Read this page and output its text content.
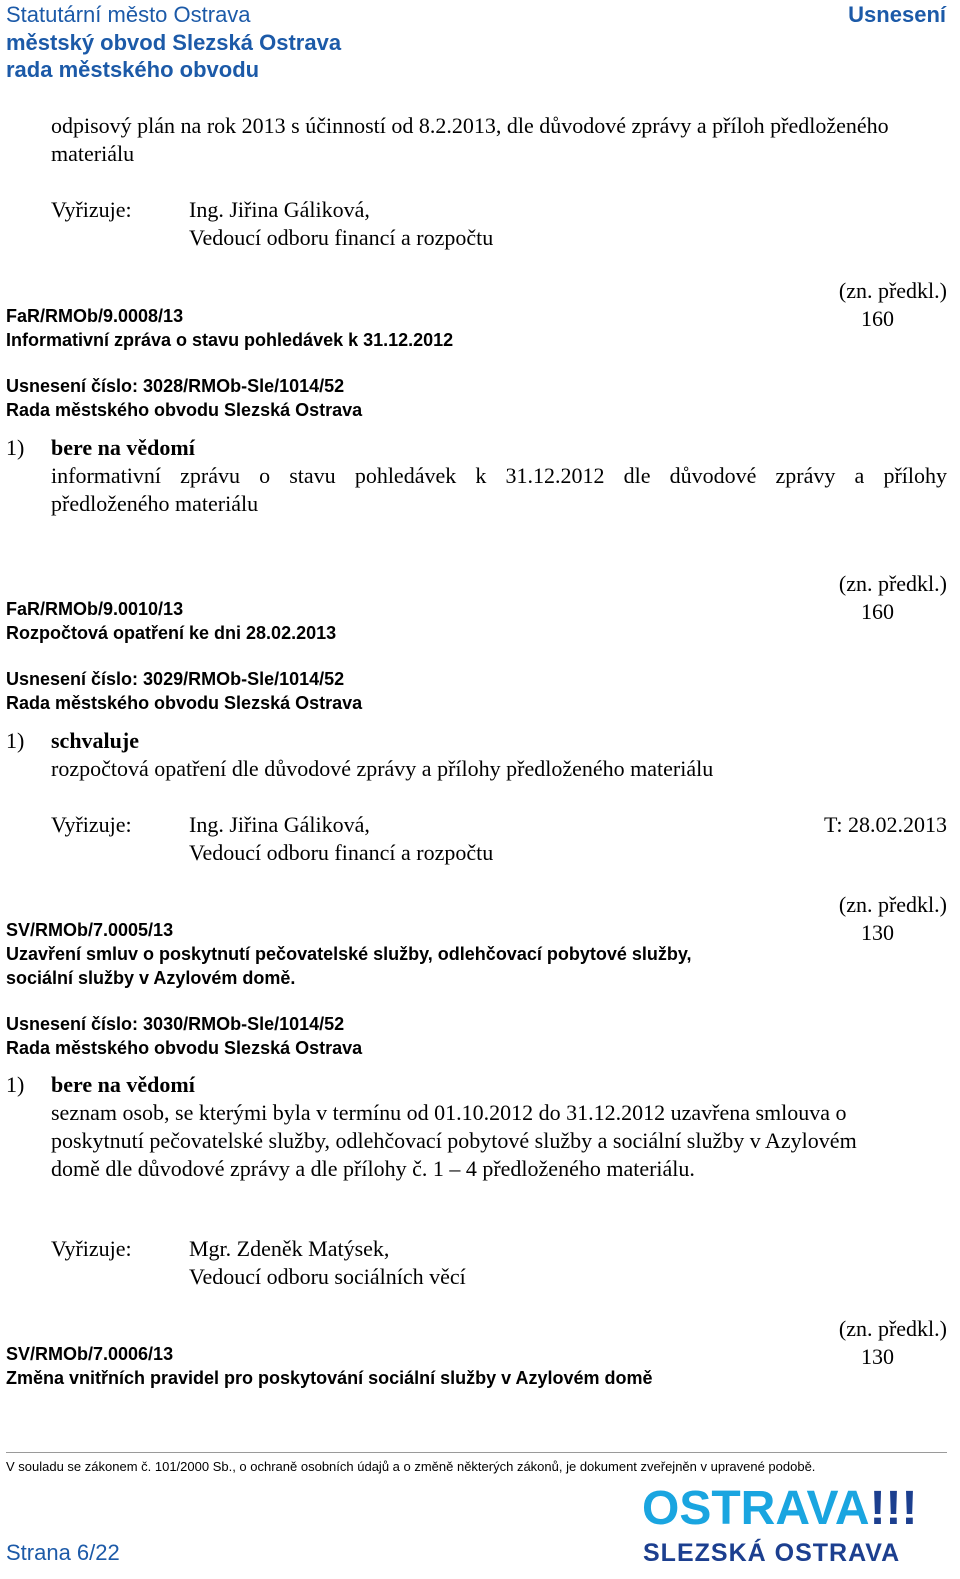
Statutární město Ostrava
městský obvod Slezská Ostrava
rada městského obvodu
Usnesení
odpisový plán na rok 2013 s účinností od 8.2.2013, dle důvodové zprávy a příloh předloženého
materiálu
Vyřizuje:	Ing. Jiřina Gáliková,
Vedoucí odboru financí a rozpočtu
(zn. předkl.)
160
FaR/RMOb/9.0008/13
Informativní zpráva o stavu pohledávek k 31.12.2012
Usnesení číslo: 3028/RMOb-Sle/1014/52
Rada městského obvodu Slezská Ostrava
1) bere na vědomí
informativní zprávu o stavu pohledávek k 31.12.2012 dle důvodové zprávy a přílohy
předloženého materiálu
(zn. předkl.)
160
FaR/RMOb/9.0010/13
Rozpočtová opatření ke dni 28.02.2013
Usnesení číslo: 3029/RMOb-Sle/1014/52
Rada městského obvodu Slezská Ostrava
1) schvaluje
rozpočtová opatření dle důvodové zprávy a přílohy předloženého materiálu
Vyřizuje:	Ing. Jiřina Gáliková,
Vedoucí odboru financí a rozpočtu
T: 28.02.2013
(zn. předkl.)
130
SV/RMOb/7.0005/13
Uzavření smluv o poskytnutí pečovatelské služby, odlehčovací pobytové služby,
sociální služby v Azylovém domě.
Usnesení číslo: 3030/RMOb-Sle/1014/52
Rada městského obvodu Slezská Ostrava
1) bere na vědomí
seznam osob, se kterými byla v termínu od 01.10.2012 do 31.12.2012 uzavřena smlouva o
poskytnutí pečovatelské služby, odlehčovací pobytové služby a sociální služby v Azylovém
domě dle důvodové zprávy a dle přílohy č. 1 – 4 předloženého materiálu.
Vyřizuje:	Mgr. Zdeněk Matýsek,
Vedoucí odboru sociálních věcí
(zn. předkl.)
130
SV/RMOb/7.0006/13
Změna vnitřních pravidel pro poskytování sociální služby v Azylovém domě
V souladu se zákonem č. 101/2000 Sb., o ochraně osobních údajů a o změně některých zákonů, je dokument zveřejněn v upravené podobě.
OSTRAVA!!!
SLEZSKÁ OSTRAVA
Strana 6/22
